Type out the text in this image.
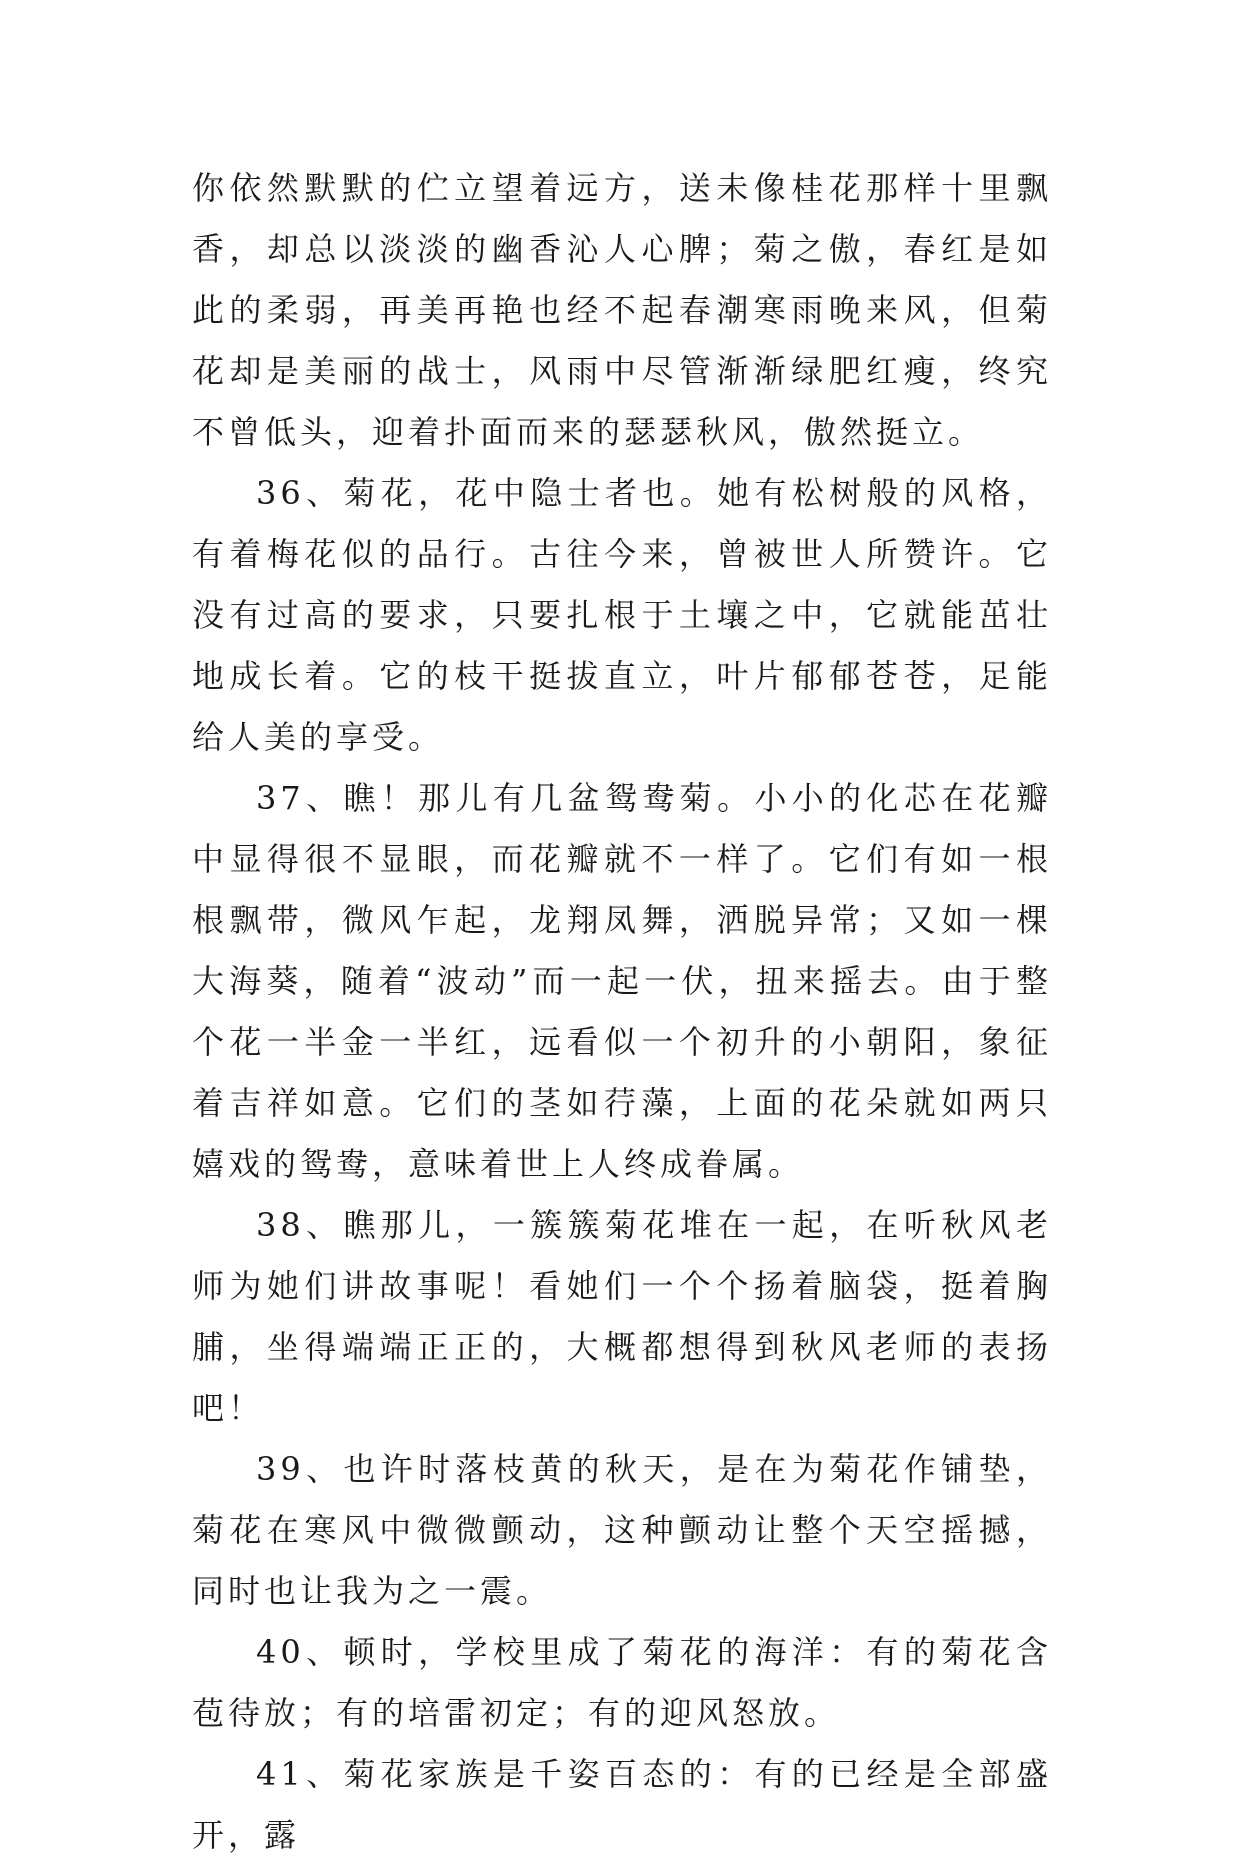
你依然默默的伫立望着远方，送未像桂花那样十里飘香，却总以淡淡的幽香沁人心脾；菊之傲，春红是如此的柔弱，再美再艳也经不起春潮寒雨晚来风，但菊花却是美丽的战士，风雨中尽管渐渐绿肥红瘦，终究不曾低头，迎着扑面而来的瑟瑟秋风，傲然挺立。

36、菊花，花中隐士者也。她有松树般的风格，有着梅花似的品行。古往今来，曾被世人所赞许。它没有过高的要求，只要扎根于土壤之中，它就能茁壮地成长着。它的枝干挺拔直立，叶片郁郁苍苍，足能给人美的享受。

37、瞧！那儿有几盆鸳鸯菊。小小的化芯在花瓣中显得很不显眼，而花瓣就不一样了。它们有如一根根飘带，微风乍起，龙翔凤舞，洒脱异常；又如一棵大海葵，随着“波动”而一起一伏，扭来摇去。由于整个花一半金一半红，远看似一个初升的小朝阳，象征着吉祥如意。它们的茎如荇藻，上面的花朵就如两只嬉戏的鸳鸯，意味着世上人终成眷属。

38、瞧那儿，一簇簇菊花堆在一起，在听秋风老师为她们讲故事呢！看她们一个个扬着脑袋，挺着胸脯，坐得端端正正的，大概都想得到秋风老师的表扬吧！

39、也许时落枝黄的秋天，是在为菊花作铺垫，菊花在寒风中微微颤动，这种颤动让整个天空摇撼，同时也让我为之一震。

40、顿时，学校里成了菊花的海洋：有的菊花含苞待放；有的培雷初定；有的迎风怒放。

41、菊花家族是千姿百态的：有的已经是全部盛开，露
